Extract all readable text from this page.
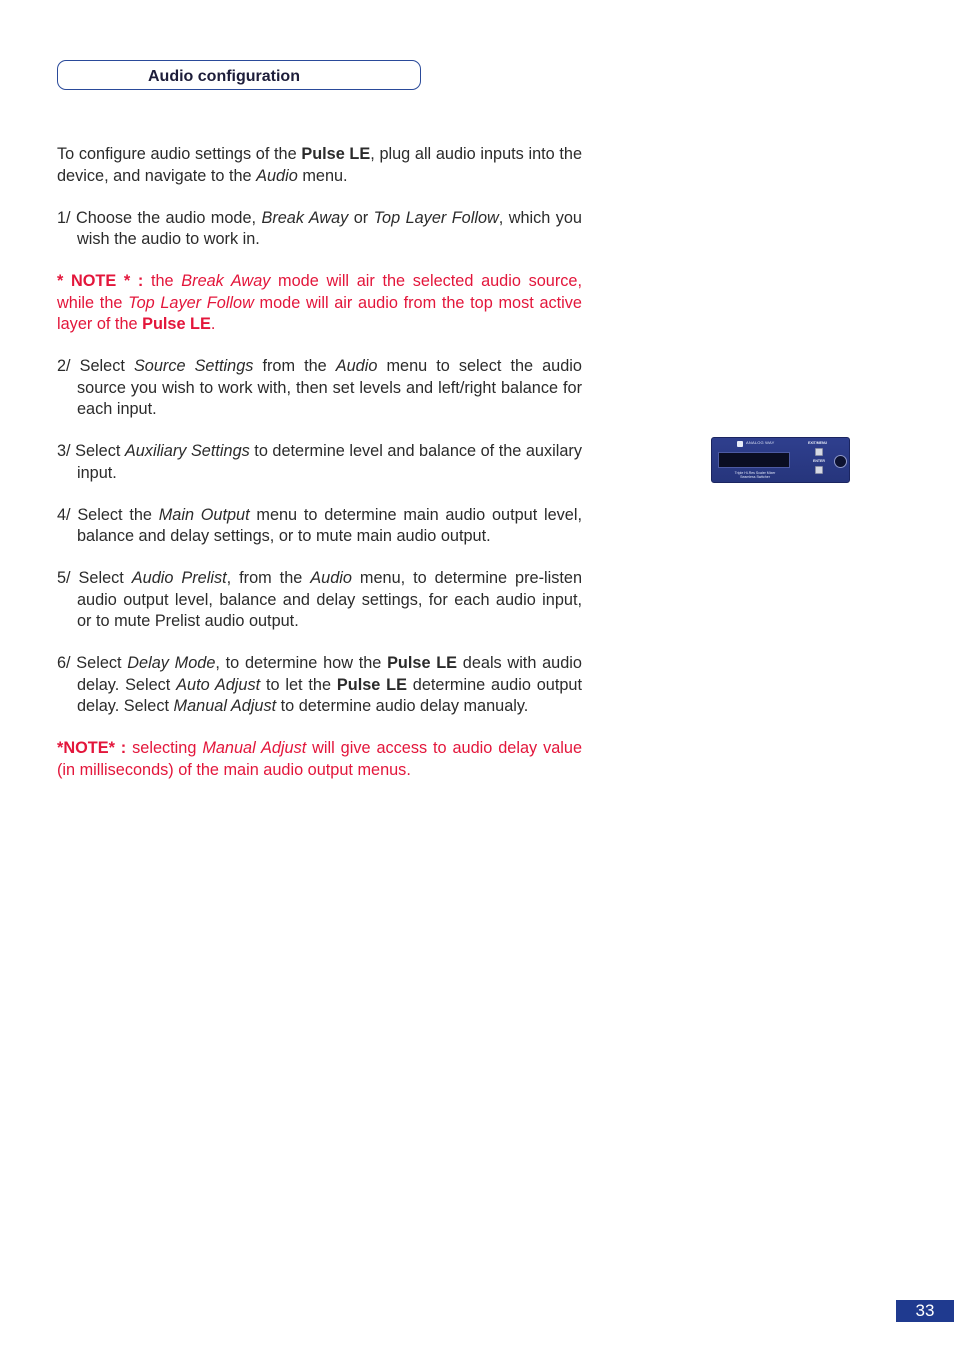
Audio configuration

To configure audio settings of the Pulse LE, plug all audio inputs into the device, and navigate to the Audio menu.

1/ Choose the audio mode, Break Away or Top Layer Follow, which you wish the audio to work in.

* NOTE * : the Break Away mode will air the selected audio source, while the Top Layer Follow mode will air audio from the top most active layer of the Pulse LE.

2/ Select Source Settings from the Audio menu to select the audio source you wish to work with, then set levels and left/right balance for each input.

3/ Select Auxiliary Settings to determine level and balance of the auxilary input.

4/ Select the Main Output menu to determine main audio output level, balance and delay settings, or to mute main audio output.

5/ Select Audio Prelist, from the Audio menu, to determine pre-listen audio output level, balance and delay settings, for each audio input, or to mute Prelist audio output.

6/ Select Delay Mode, to determine how the Pulse LE deals with audio delay. Select Auto Adjust to let the Pulse LE determine audio output delay. Select Manual Adjust to determine audio delay manualy.

*NOTE* : selecting Manual Adjust will give access to audio delay value (in milliseconds) of the main audio output menus.

ANALOG WAY
Triple Hi-Res Scaler Mixer
Seamless Switcher
EXIT/MENU
ENTER
33
